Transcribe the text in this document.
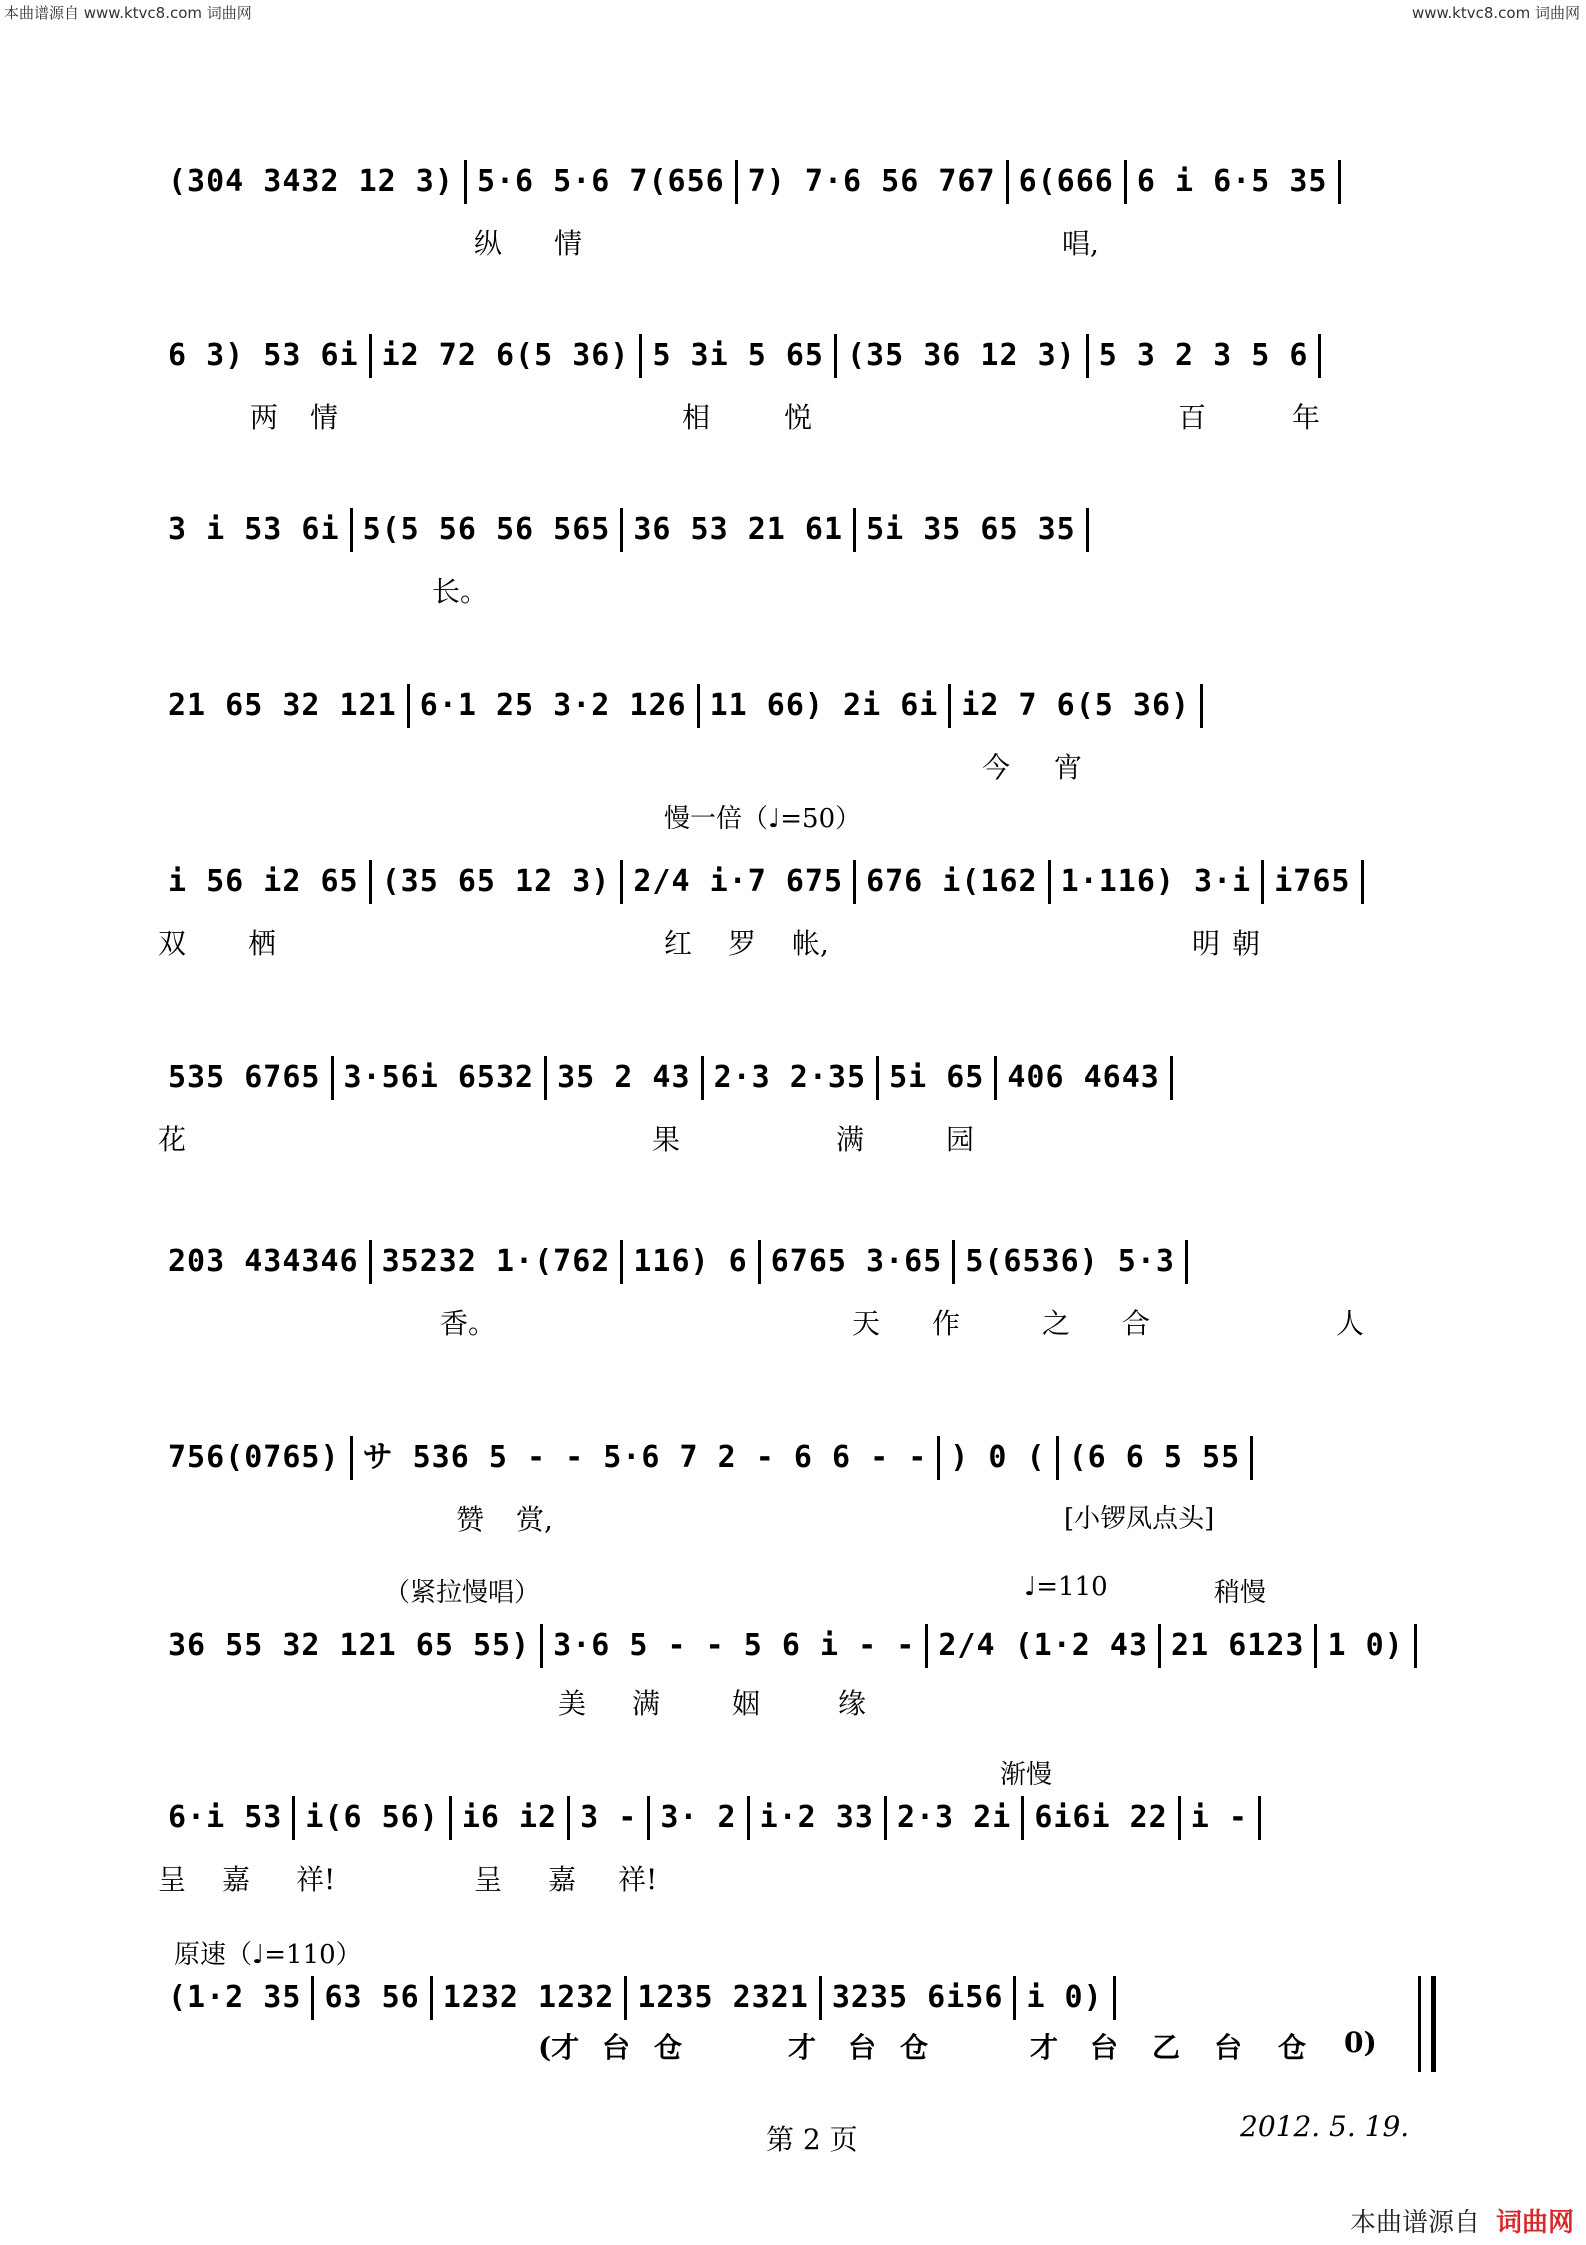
本曲谱源自 www.ktvc8.com 词曲网	www.ktvc8.com 词曲网
(304 3432 12 3) 5·6 5·6 7(656 7) 7·6 56 767 6(666 6 i 6·5 35
纵 情	唱,
6 3) 53 6i i2 72 6(5 36) 5 3i 5 65 (35 36 12 3) 5 3 2 3 5 6
两 情	相	悦	百	年
3 i 53 6i 5(5 56 56 565 36 53 21 61 5i 35 65 35
长。
21 65 32 121 6·1 25 3·2 126 11 66) 2i 6i i2 7 6(5 36)
今 宵
慢一倍（♩=50）
i 56 i2 65 (35 65 12 3) 2/4 i·7 675 676 i(162 1·116) 3·i i765
双 栖	红 罗 帐,	明 朝
535 6765 3·56i 6532 35 2 43 2·3 2·35 5i 65 406 4643
花	果	满	园
203 434346 35232 1·(762 116) 6 6765 3·65 5(6536) 5·3
香。	天 作	之 合	人
756(0765) サ 536 5 - - 5·6 7 2 - 6 6 - - ) 0 ( (6 6 5 55
赞 赏,	[小锣凤点头]
（紧拉慢唱）	♩=110	稍慢
36 55 32 121 65 55) 3·6 5 - - 5 6 i - - 2/4 (1·2 43 21 6123 1 0)
美 满	姻	缘
渐慢
6·i 53 i(6 56) i6 i2 3 - 3· 2 i·2 33 2·3 2i 6i6i 22 i -
呈 嘉 祥!	呈 嘉 祥!
原速（♩=110）
(1·2 35 63 56 1232 1232 1235 2321 3235 6i56 i 0)
(才 台 仓	才 台 仓	才 台 乙 台 仓 0)
第 2 页	2012. 5. 19.
本曲谱源自 词曲网
